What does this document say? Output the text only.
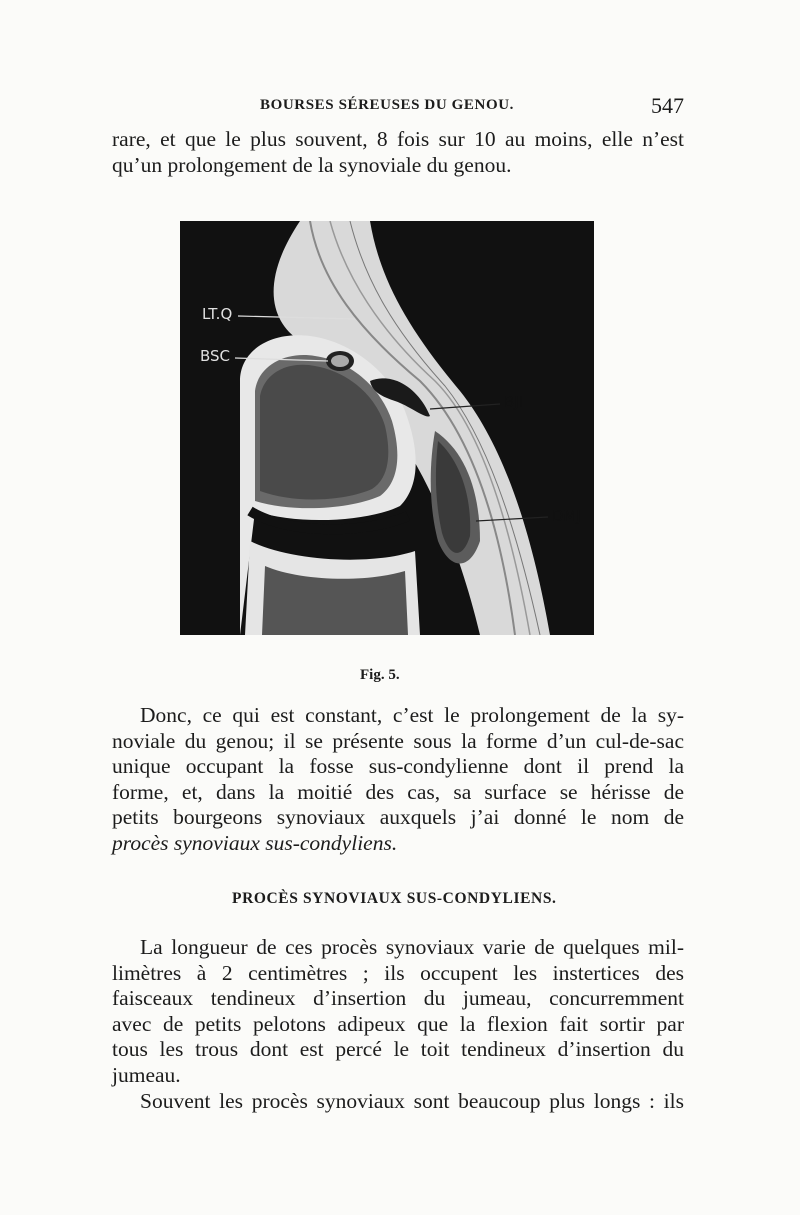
BOURSES SÉREUSES DU GENOU.	547
rare, et que le plus souvent, 8 fois sur 10 au moins, elle n’est
qu’un prolongement de la synoviale du genou.
LT.Q
BSC
BJI
DMJ
Fig. 5.
Donc, ce qui est constant, c’est le prolongement de la sy-
noviale du genou; il se présente sous la forme d’un cul-de-sac
unique occupant la fosse sus-condylienne dont il prend la
forme, et, dans la moitié des cas, sa surface se hérisse de
petits bourgeons synoviaux auxquels j’ai donné le nom de
procès synoviaux sus-condyliens.
PROCÈS SYNOVIAUX SUS-CONDYLIENS.
La longueur de ces procès synoviaux varie de quelques mil-
limètres à 2 centimètres ; ils occupent les instertices des
faisceaux tendineux d’insertion du jumeau, concurremment
avec de petits pelotons adipeux que la flexion fait sortir par
tous les trous dont est percé le toit tendineux d’insertion du
jumeau.
Souvent les procès synoviaux sont beaucoup plus longs : ils
